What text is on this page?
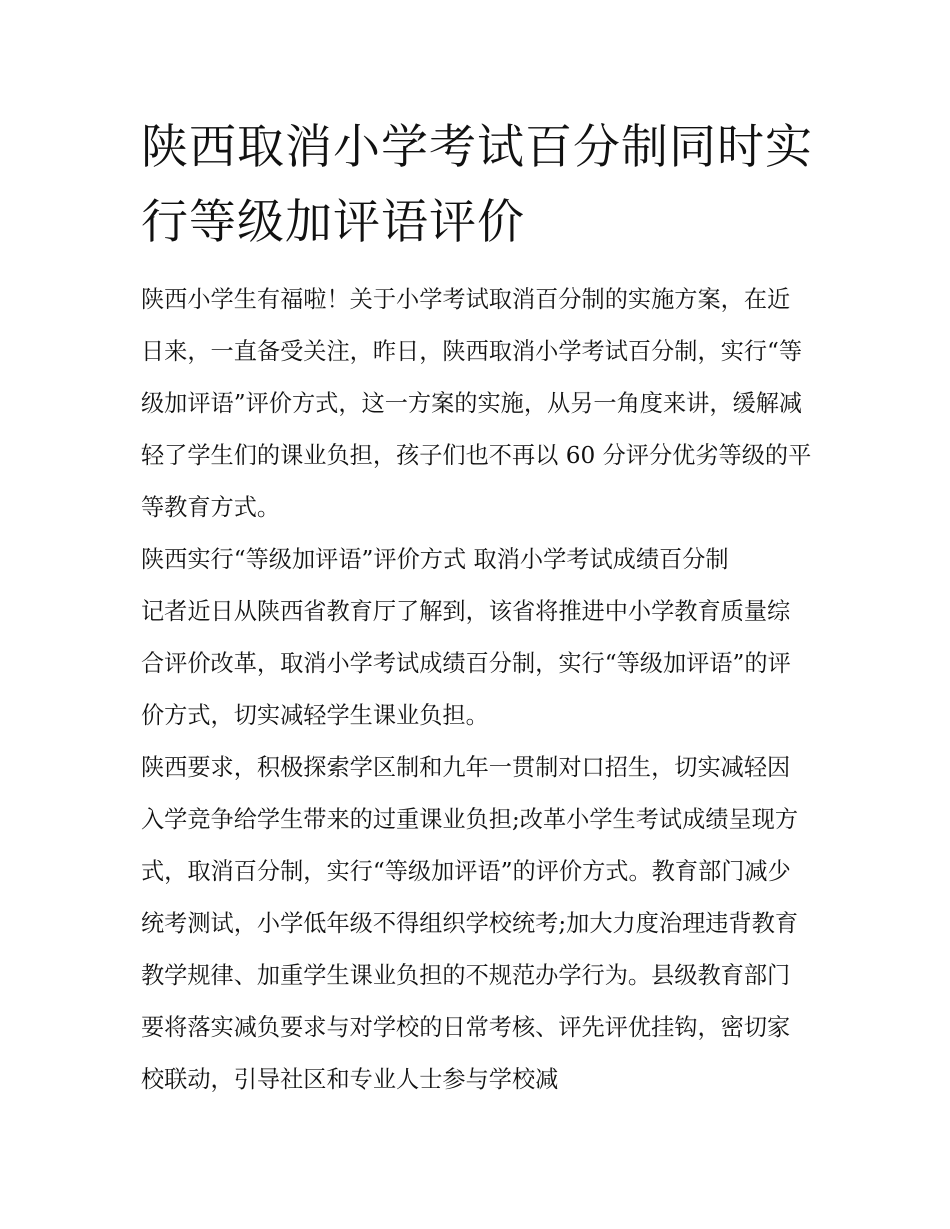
陕西取消小学考试百分制同时实行等级加评语评价

陕西小学生有福啦！关于小学考试取消百分制的实施方案，在近日来，一直备受关注，昨日，陕西取消小学考试百分制，实行“等级加评语”评价方式，这一方案的实施，从另一角度来讲，缓解减轻了学生们的课业负担，孩子们也不再以 60 分评分优劣等级的平等教育方式。

陕西实行“等级加评语”评价方式 取消小学考试成绩百分制

记者近日从陕西省教育厅了解到，该省将推进中小学教育质量综合评价改革，取消小学考试成绩百分制，实行“等级加评语”的评价方式，切实减轻学生课业负担。

陕西要求，积极探索学区制和九年一贯制对口招生，切实减轻因入学竞争给学生带来的过重课业负担;改革小学生考试成绩呈现方式，取消百分制，实行“等级加评语”的评价方式。教育部门减少统考测试，小学低年级不得组织学校统考;加大力度治理违背教育教学规律、加重学生课业负担的不规范办学行为。县级教育部门要将落实减负要求与对学校的日常考核、评先评优挂钩，密切家校联动，引导社区和专业人士参与学校减
